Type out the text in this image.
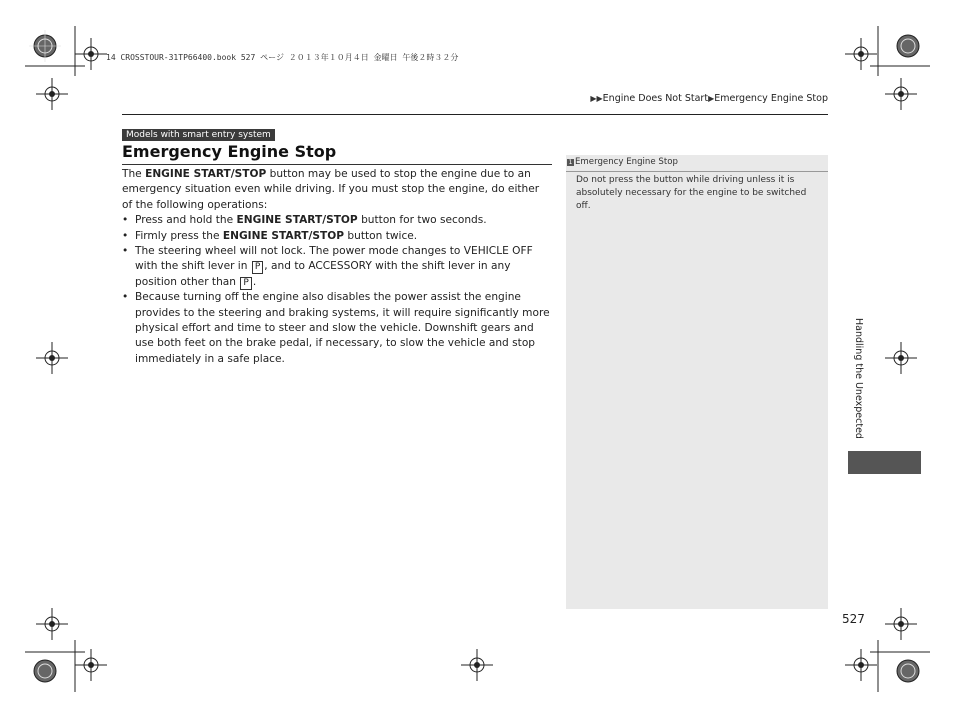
14 CROSSTOUR-31TP66400.book 527 ページ ２０１３年１０月４日 金曜日 午後２時３２分
▶▶Engine Does Not Start▶Emergency Engine Stop
Models with smart entry system
Emergency Engine Stop

The ENGINE START/STOP button may be used to stop the engine due to an emergency situation even while driving. If you must stop the engine, do either of the following operations:

• Press and hold the ENGINE START/STOP button for two seconds.
• Firmly press the ENGINE START/STOP button twice.
• The steering wheel will not lock. The power mode changes to VEHICLE OFF with the shift lever in P , and to ACCESSORY with the shift lever in any position other than P .
• Because turning off the engine also disables the power assist the engine provides to the steering and braking systems, it will require significantly more physical effort and time to steer and slow the vehicle. Downshift gears and use both feet on the brake pedal, if necessary, to slow the vehicle and stop immediately in a safe place.
1 Emergency Engine Stop
Do not press the button while driving unless it is absolutely necessary for the engine to be switched off.
Handling the Unexpected
527
